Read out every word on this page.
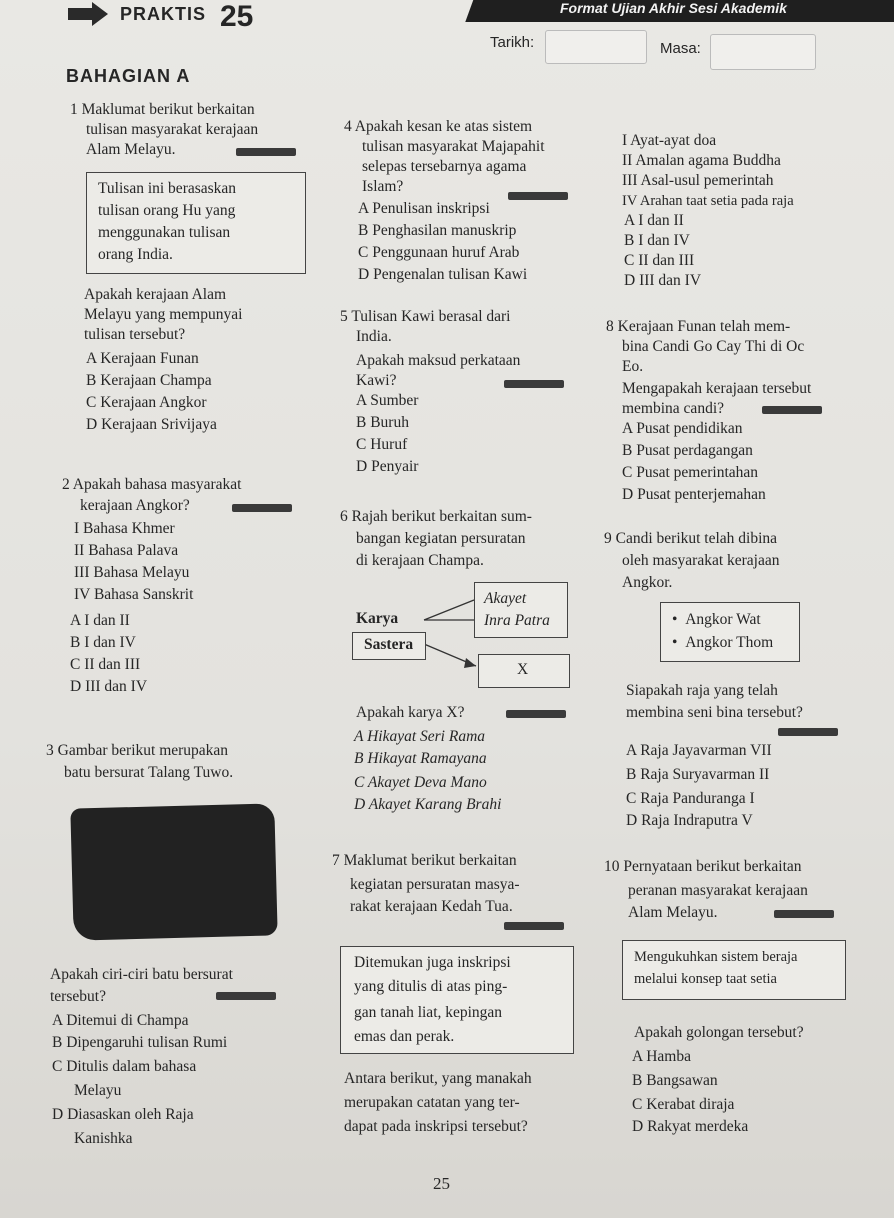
Format Ujian Akhir Sesi Akademik
PRAKTIS 25
Tarikh:	Masa:
BAHAGIAN A
1 Maklumat berikut berkaitan
tulisan masyarakat kerajaan
Alam Melayu.
Tulisan ini berasaskan
tulisan orang Hu yang
menggunakan tulisan
orang India.
Apakah kerajaan Alam
Melayu yang mempunyai
tulisan tersebut?
A Kerajaan Funan
B Kerajaan Champa
C Kerajaan Angkor
D Kerajaan Srivijaya
2 Apakah bahasa masyarakat
kerajaan Angkor?
I Bahasa Khmer
II Bahasa Palava
III Bahasa Melayu
IV Bahasa Sanskrit
A I dan II
B I dan IV
C II dan III
D III dan IV
3 Gambar berikut merupakan
batu bersurat Talang Tuwo.
Apakah ciri-ciri batu bersurat
tersebut?
A Ditemui di Champa
B Dipengaruhi tulisan Rumi
C Ditulis dalam bahasa
Melayu
D Diasaskan oleh Raja
Kanishka
4 Apakah kesan ke atas sistem
tulisan masyarakat Majapahit
selepas tersebarnya agama
Islam?
A Penulisan inskripsi
B Penghasilan manuskrip
C Penggunaan huruf Arab
D Pengenalan tulisan Kawi
5 Tulisan Kawi berasal dari
India.
Apakah maksud perkataan
Kawi?
A Sumber
B Buruh
C Huruf
D Penyair
6 Rajah berikut berkaitan sum-
bangan kegiatan persuratan
di kerajaan Champa.
Karya
Sastera
Akayet
Inra Patra
X
Apakah karya X?
A Hikayat Seri Rama
B Hikayat Ramayana
C Akayet Deva Mano
D Akayet Karang Brahi
7 Maklumat berikut berkaitan
kegiatan persuratan masya-
rakat kerajaan Kedah Tua.
Ditemukan juga inskripsi
yang ditulis di atas ping-
gan tanah liat, kepingan
emas dan perak.
Antara berikut, yang manakah
merupakan catatan yang ter-
dapat pada inskripsi tersebut?
I Ayat-ayat doa
II Amalan agama Buddha
III Asal-usul pemerintah
IV Arahan taat setia pada raja
A I dan II
B I dan IV
C II dan III
D III dan IV
8 Kerajaan Funan telah mem-
bina Candi Go Cay Thi di Oc
Eo.
Mengapakah kerajaan tersebut
membina candi?
A Pusat pendidikan
B Pusat perdagangan
C Pusat pemerintahan
D Pusat penterjemahan
9 Candi berikut telah dibina
oleh masyarakat kerajaan
Angkor.
•  Angkor Wat
•  Angkor Thom
Siapakah raja yang telah
membina seni bina tersebut?
A Raja Jayavarman VII
B Raja Suryavarman II
C Raja Panduranga I
D Raja Indraputra V
10 Pernyataan berikut berkaitan
peranan masyarakat kerajaan
Alam Melayu.
Mengukuhkan sistem beraja
melalui konsep taat setia
Apakah golongan tersebut?
A Hamba
B Bangsawan
C Kerabat diraja
D Rakyat merdeka
25
